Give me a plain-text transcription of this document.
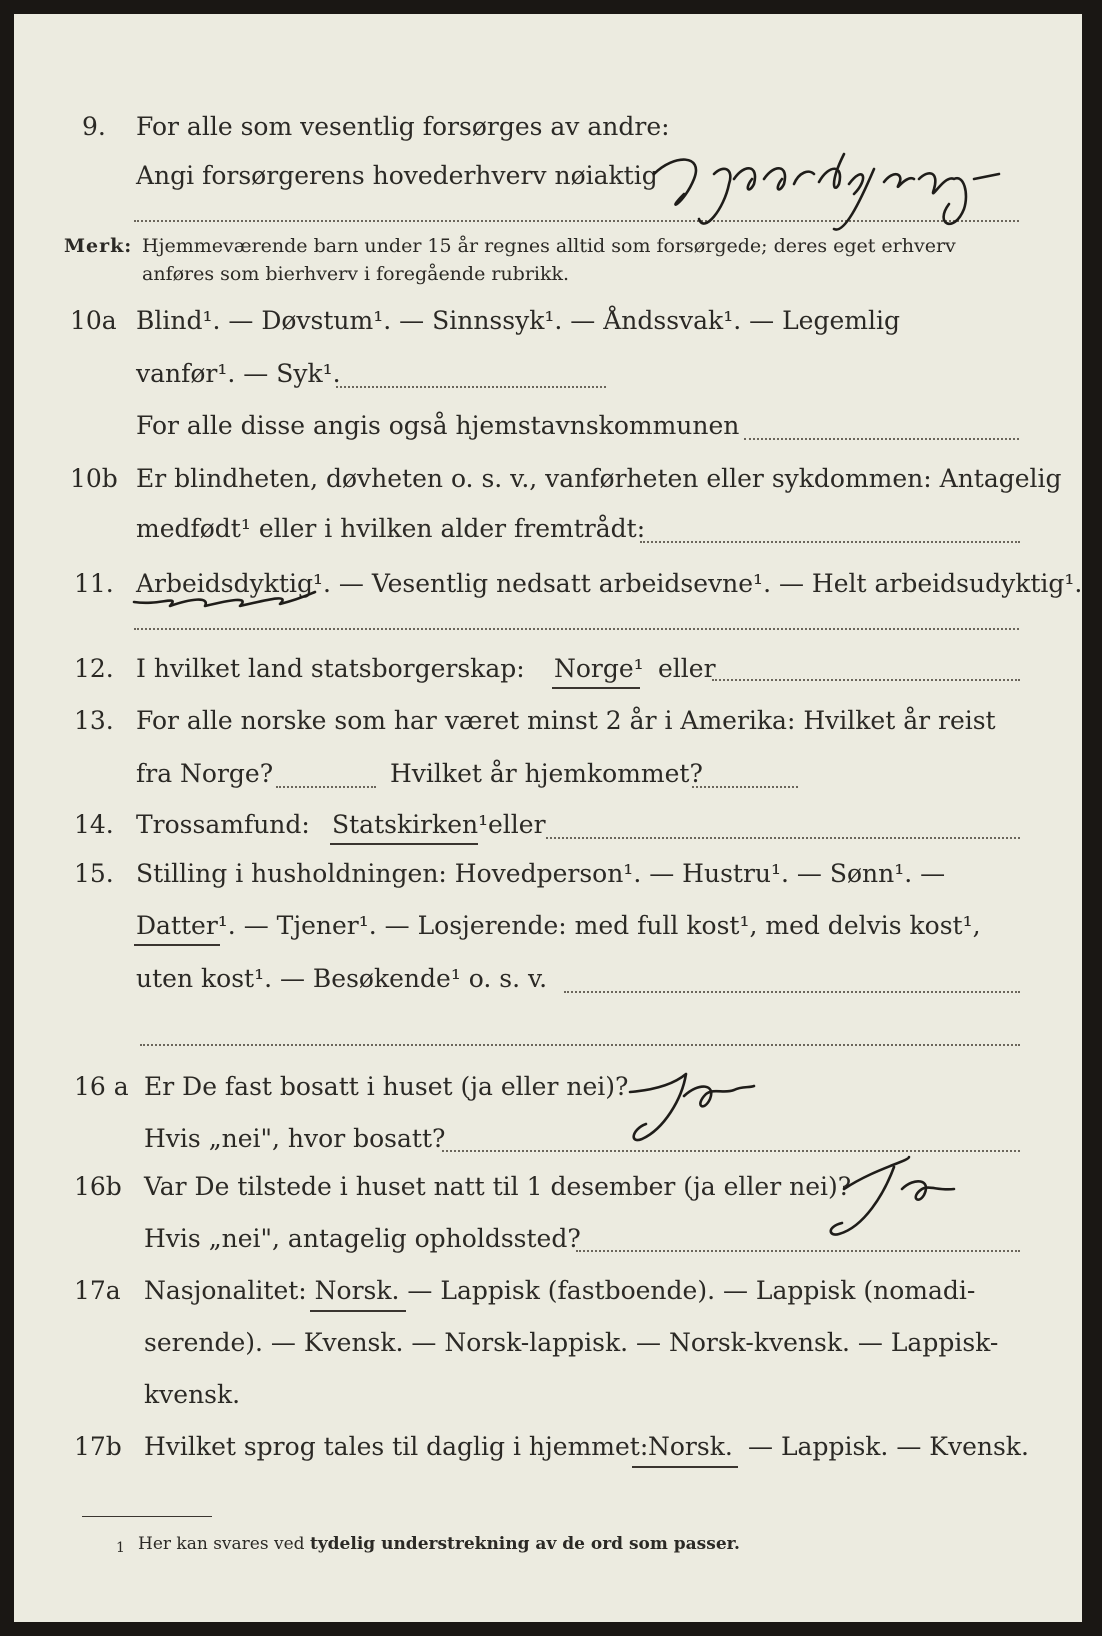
9. For alle som vesentlig forsørges av andre:
Angi forsørgerens hovederhverv nøiaktig
Merk: Hjemmeværende barn under 15 år regnes alltid som forsørgede; deres eget erhverv
anføres som bierhverv i foregående rubrikk.
10a Blind¹. — Døvstum¹. — Sinnssyk¹. — Åndssvak¹. — Legemlig
vanfør¹. — Syk¹.
For alle disse angis også hjemstavnskommunen
10b Er blindheten, døvheten o. s. v., vanførheten eller sykdommen: Antagelig
medfødt¹ eller i hvilken alder fremtrådt:
11. Arbeidsdyktig¹. — Vesentlig nedsatt arbeidsevne¹. — Helt arbeidsudyktig¹.
12. I hvilket land statsborgerskap: Norge¹ eller
13. For alle norske som har været minst 2 år i Amerika: Hvilket år reist
fra Norge?	Hvilket år hjemkommet?
14. Trossamfund: Statskirken¹ eller
15. Stilling i husholdningen: Hovedperson¹. — Hustru¹. — Sønn¹. —
Datter¹. — Tjener¹. — Losjerende: med full kost¹, med delvis kost¹,
uten kost¹. — Besøkende¹ o. s. v.
16 a Er De fast bosatt i huset (ja eller nei)?
Hvis „nei", hvor bosatt?
16b Var De tilstede i huset natt til 1 desember (ja eller nei)?
Hvis „nei", antagelig opholdssted?
17a Nasjonalitet: Norsk. — Lappisk (fastboende). — Lappisk (nomadi-
serende). — Kvensk. — Norsk-lappisk. — Norsk-kvensk. — Lappisk-
kvensk.
17b Hvilket sprog tales til daglig i hjemmet: Norsk. — Lappisk. — Kvensk.
1 Her kan svares ved tydelig understrekning av de ord som passer.
